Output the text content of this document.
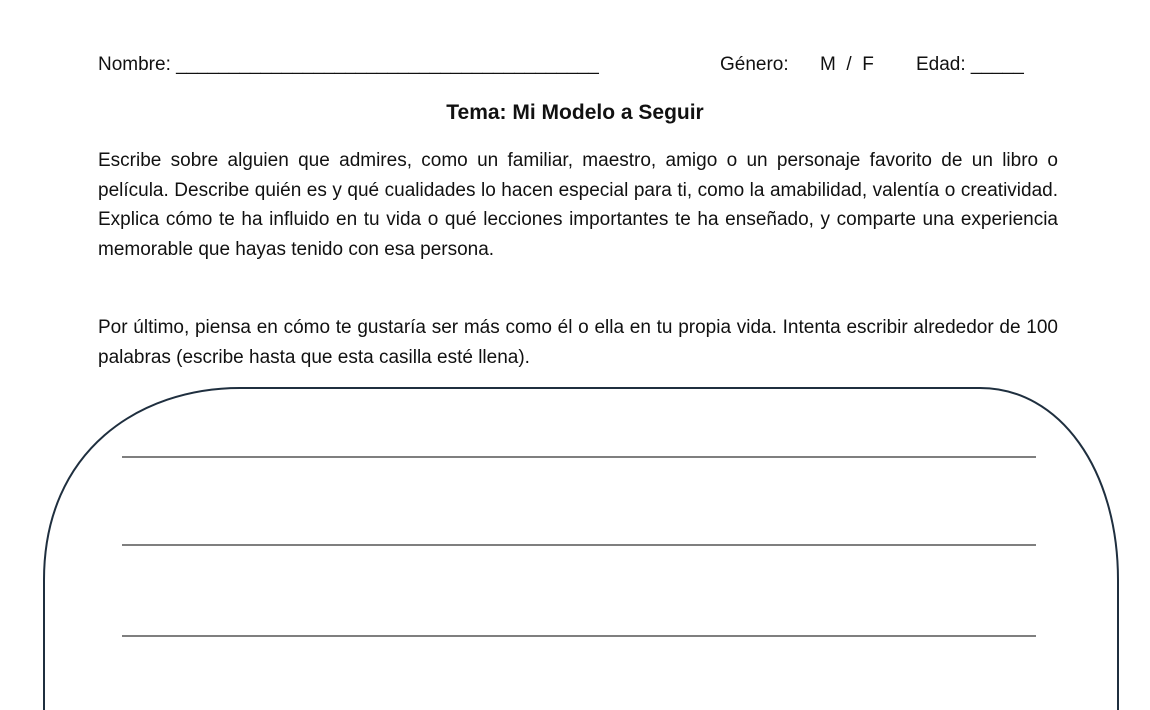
Nombre: ________________________________________	Género: M  /  F Edad: _____
Tema: Mi Modelo a Seguir

Escribe sobre alguien que admires, como un familiar, maestro, amigo o un personaje favorito de un libro o película. Describe quién es y qué cualidades lo hacen especial para ti, como la amabilidad, valentía o creatividad. Explica cómo te ha influido en tu vida o qué lecciones importantes te ha enseñado, y comparte una experiencia memorable que hayas tenido con esa persona.

Por último, piensa en cómo te gustaría ser más como él o ella en tu propia vida. Intenta escribir alrededor de 100 palabras (escribe hasta que esta casilla esté llena).
